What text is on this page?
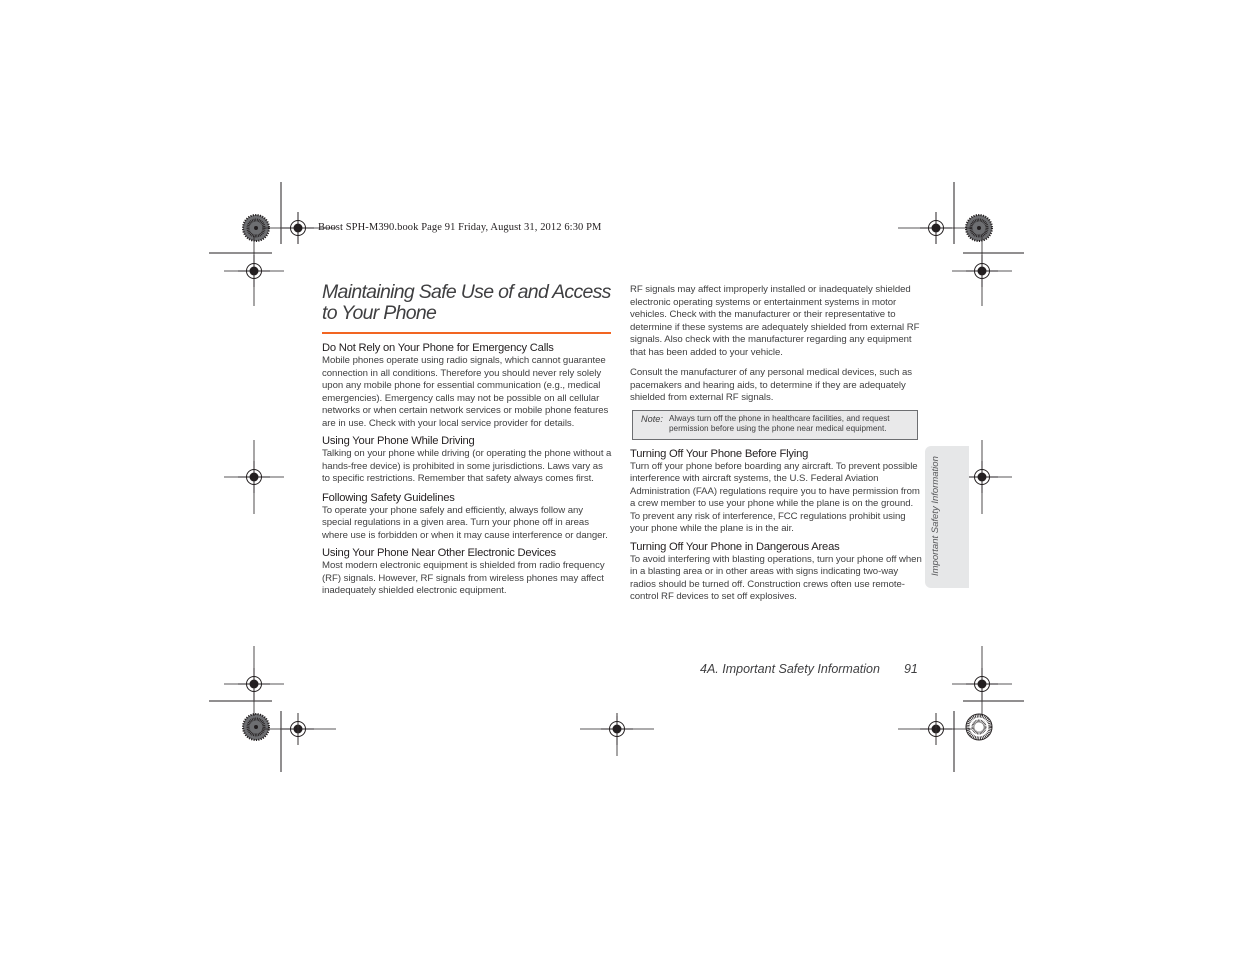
Boost SPH-M390.book Page 91 Friday, August 31, 2012 6:30 PM
Maintaining Safe Use of and Access to Your Phone
Do Not Rely on Your Phone for Emergency Calls

Mobile phones operate using radio signals, which cannot guarantee connection in all conditions. Therefore you should never rely solely upon any mobile phone for essential communication (e.g., medical emergencies). Emergency calls may not be possible on all cellular networks or when certain network services or mobile phone features are in use. Check with your local service provider for details.

Using Your Phone While Driving

Talking on your phone while driving (or operating the phone without a hands-free device) is prohibited in some jurisdictions. Laws vary as to specific restrictions. Remember that safety always comes first.

Following Safety Guidelines

To operate your phone safely and efficiently, always follow any special regulations in a given area. Turn your phone off in areas where use is forbidden or when it may cause interference or danger.

Using Your Phone Near Other Electronic Devices

Most modern electronic equipment is shielded from radio frequency (RF) signals. However, RF signals from wireless phones may affect inadequately shielded electronic equipment.

RF signals may affect improperly installed or inadequately shielded electronic operating systems or entertainment systems in motor vehicles. Check with the manufacturer or their representative to determine if these systems are adequately shielded from external RF signals. Also check with the manufacturer regarding any equipment that has been added to your vehicle.

Consult the manufacturer of any personal medical devices, such as pacemakers and hearing aids, to determine if they are adequately shielded from external RF signals.

Note: Always turn off the phone in healthcare facilities, and request permission before using the phone near medical equipment.
Turning Off Your Phone Before Flying

Turn off your phone before boarding any aircraft. To prevent possible interference with aircraft systems, the U.S. Federal Aviation Administration (FAA) regulations require you to have permission from a crew member to use your phone while the plane is on the ground. To prevent any risk of interference, FCC regulations prohibit using your phone while the plane is in the air.

Turning Off Your Phone in Dangerous Areas

To avoid interfering with blasting operations, turn your phone off when in a blasting area or in other areas with signs indicating two-way radios should be turned off. Construction crews often use remote-control RF devices to set off explosives.

Important Safety Information
4A. Important Safety Information 91
